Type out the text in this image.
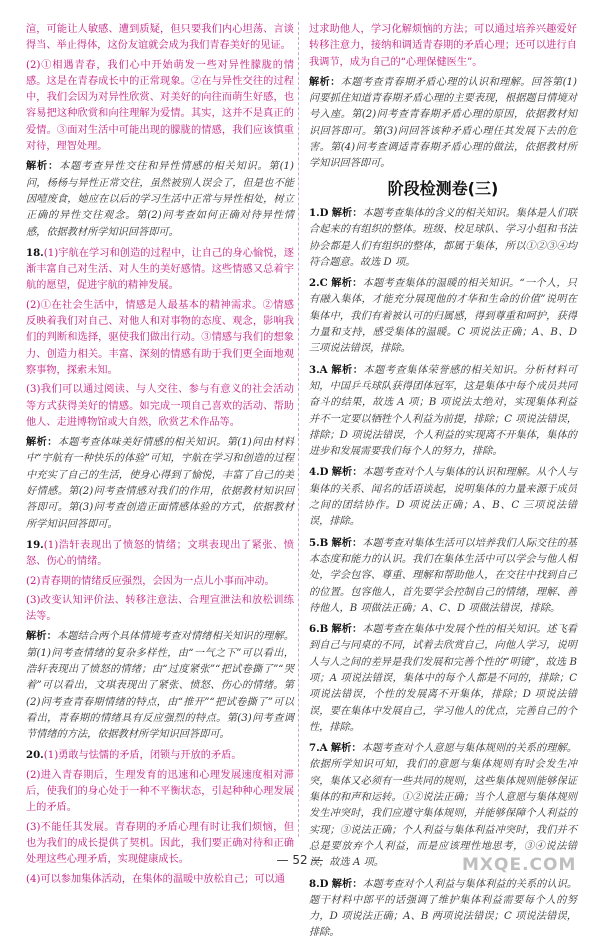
渲，可能让人敏感、遭到质疑，但只要我们内心坦荡、言谈得当、举止得体，这份友谊就会成为我们青春美好的见证。

(2)①相遇青春，我们心中开始萌发一些对异性朦胧的情感。这是在青春成长中的正常现象。②在与异性交往的过程中，我们会因为对异性欣赏、对美好的向往而萌生好感，也容易把这种欣赏和向往理解为爱情。其实，这并不是真正的爱情。③面对生活中可能出现的朦胧的情感，我们应该慎重对待，理智处理。

解析：本题考查异性交往和异性情感的相关知识。第(1)问，杨杨与异性正常交往，虽然被别人误会了，但是也不能因噎废食，她应在以后的学习生活中正常与异性相处，树立正确的异性交往观念。第(2)问考查如何正确对待异性情感，依据教材所学知识回答即可。

18.(1)宇航在学习和创造的过程中，让自己的身心愉悦，逐渐丰富自己对生活、对人生的美好感情。这些情感又总着宇航的愿望，促进宇航的精神发展。

(2)①在社会生活中，情感是人最基本的精神需求。②情感反映着我们对自己、对他人和对事物的态度、观念，影响我们的判断和选择，驱使我们做出行动。③情感与我们的想象力、创造力相关。丰富、深刻的情感有助于我们更全面地观察事物，探索未知。

(3)我们可以通过阅读、与人交往、参与有意义的社会活动等方式获得美好的情感。如完成一项自己喜欢的活动、帮助他人、走进博物馆或大自然，欣赏艺术作品等。

解析：本题考查体味美好情感的相关知识。第(1)问由材料中“宇航有一种快乐的体验”可知，宇航在学习和创造的过程中充实了自己的生活，使身心得到了愉悦，丰富了自己的美好情感。第(2)问考查情感对我们的作用，依据教材知识回答即可。第(3)问考查创造正面情感体验的方式，依据教材所学知识回答即可。

19.(1)浩轩表现出了愤怒的情绪；文琪表现出了紧张、愤怒、伤心的情绪。

(2)青春期的情绪反应强烈，会因为一点儿小事而冲动。

(3)改变认知评价法、转移注意法、合理宣泄法和放松训练法等。

解析：本题结合两个具体情境考查对情绪相关知识的理解。第(1)问考查情绪的复杂多样性，由“一气之下”可以看出，浩轩表现出了愤怒的情绪；由“过度紧张”“把试卷撕了”“哭着”可以看出，文琪表现出了紧张、愤怒、伤心的情绪。第(2)问考查青春期情绪的特点，由“推开”“把试卷撕了”可以看出，青春期的情绪具有反应强烈的特点。第(3)问考查调节情绪的方法，依据教材所学知识回答即可。

20.(1)勇敢与怯懦的矛盾，闭锁与开放的矛盾。

(2)进入青春期后，生理发育的迅速和心理发展速度相对滞后，使我们的身心处于一种不平衡状态，引起种种心理发展上的矛盾。

(3)不能任其发展。青春期的矛盾心理有时让我们烦恼，但也为我们的成长提供了契机。因此，我们要正确对待和正确处理这些心理矛盾，实现健康成长。

(4)可以参加集体活动，在集体的温暖中放松自己；可以通

过求助他人，学习化解烦恼的方法；可以通过培养兴趣爱好转移注意力，接纳和调适青春期的矛盾心理；还可以进行自我调节，成为自己的“心理保健医生”。

解析：本题考查青春期矛盾心理的认识和理解。回答第(1)问要抓住知道青春期矛盾心理的主要表现，根据题目情境对号入座。第(2)问考查青春期矛盾心理的原因，依据教材知识回答即可。第(3)问回答该种矛盾心理任其发展下去的危害。第(4)问考查调适青春期矛盾心理的做法，依据教材所学知识回答即可。

阶段检测卷(三)

1.D 解析：本题考查集体的含义的相关知识。集体是人们联合起来的有组织的整体。班级、校足球队、学习小组和书法协会都是人们有组织的整体，都属于集体，所以①②③④均符合题意。故选 D 项。

2.C 解析：本题考查集体的温暖的相关知识。“一个人，只有融入集体，才能充分展现他的才华和生命的价值”说明在集体中，我们有着被认可的归属感，得到尊重和呵护，获得力量和支持，感受集体的温暖。C 项说法正确；A、B、D 三项说法错误，排除。

3.A 解析：本题考查集体荣誉感的相关知识。分析材料可知，中国乒乓球队获得团体冠军，这是集体中每个成员共同奋斗的结果，故选 A 项；B 项说法太绝对，实现集体利益并不一定要以牺牲个人利益为前提，排除；C 项说法错误，排除；D 项说法错误，个人利益的实现离不开集体，集体的进步和发展需要我们每个人的努力，排除。

4.D 解析：本题考查对个人与集体的认识和理解。从个人与集体的关系、闻名的话语谈起，说明集体的力量来源于成员之间的团结协作。D 项说法正确；A、B、C 三项说法错误，排除。

5.B 解析：本题考查对集体生活可以培养我们人际交往的基本态度和能力的认识。我们在集体生活中可以学会与他人相处，学会包容、尊重、理解和帮助他人，在交往中找到自己的位置。包容他人，首先要学会控制自己的情绪，理解、善待他人，B 项做法正确；A、C、D 项做法错误，排除。

6.B 解析：本题考查在集体中发展个性的相关知识。述飞看到自己与同桌的不同，试着去欣赏自己，向他人学习，说明人与人之间的差异是我们发展和完善个性的“明镜”，故选 B 项；A 项说法错误，集体中的每个人都是不同的，排除；C 项说法错误，个性的发展离不开集体，排除；D 项说法错误，要在集体中发展自己，学习他人的优点，完善自己的个性，排除。

7.A 解析：本题考查对个人意愿与集体规则的关系的理解。依据所学知识可知，我们的意愿与集体规则有时会发生冲突，集体又必须有一些共同的规则，这些集体规则能够保证集体的和声和运转。①②说法正确；当个人意愿与集体规则发生冲突时，我们应遵守集体规则，并能够保障个人利益的实现；③说法正确；个人利益与集体利益冲突时，我们并不总是要放弃个人利益，而是应该理性地思考，③④说法错误，故选 A 项。

8.D 解析：本题考查对个人利益与集体利益的关系的认识。题干材料中郎平的话强调了维护集体利益需要每个人的努力，D 项说法正确；A、B 两项说法错误；C 项说法错误，排除。

— 52 —	MXQE.COM
